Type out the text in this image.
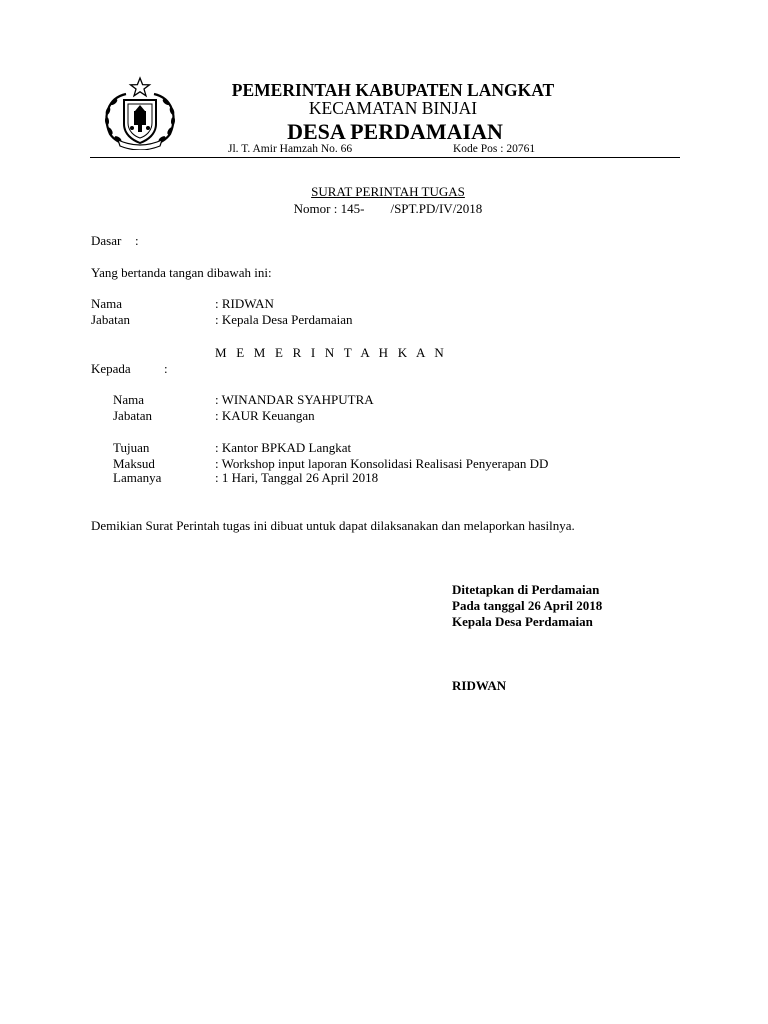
PEMERINTAH KABUPATEN LANGKAT
KECAMATAN BINJAI
DESA PERDAMAIAN
Jl. T. Amir Hamzah No. 66	Kode Pos : 20761
SURAT PERINTAH TUGAS
Nomor : 145- /SPT.PD/IV/2018
Dasar :
Yang bertanda tangan dibawah ini:
Nama	: RIDWAN
Jabatan	: Kepala Desa Perdamaian
M E M E R I N T A H K A N
Kepada	:
Nama	: WINANDAR SYAHPUTRA
Jabatan	: KAUR Keuangan
Tujuan	: Kantor BPKAD Langkat
Maksud	: Workshop input laporan Konsolidasi Realisasi Penyerapan DD
Lamanya	: 1 Hari, Tanggal 26 April 2018
Demikian Surat Perintah tugas ini dibuat untuk dapat dilaksanakan dan melaporkan hasilnya.
Ditetapkan di Perdamaian
Pada tanggal 26 April 2018
Kepala Desa Perdamaian
RIDWAN
